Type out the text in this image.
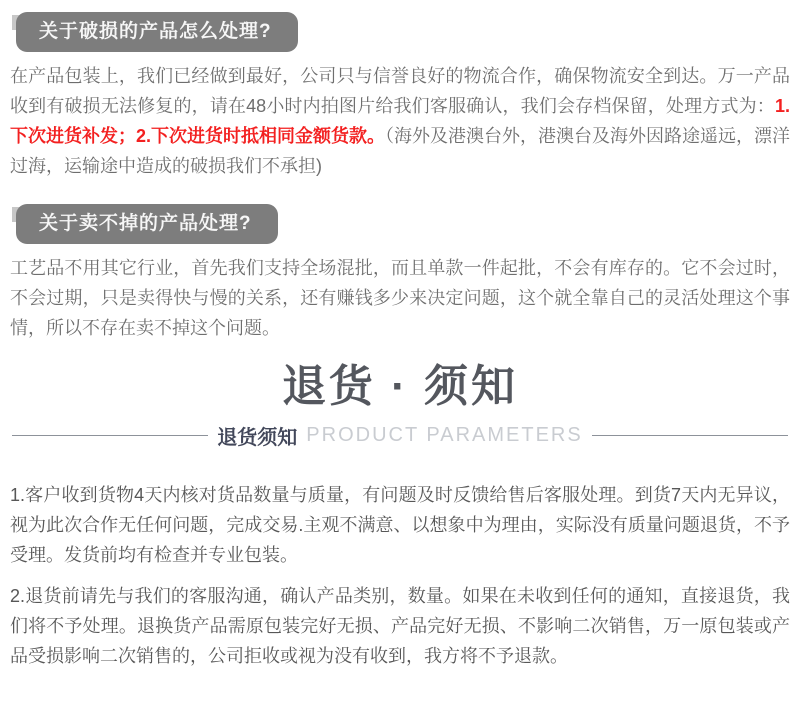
关于破损的产品怎么处理?

在产品包装上，我们已经做到最好，公司只与信誉良好的物流合作，确保物流安全到达。万一产品收到有破损无法修复的，请在48小时内拍图片给我们客服确认，我们会存档保留，处理方式为：1.下次进货补发；2.下次进货时抵相同金额货款。（海外及港澳台外，港澳台及海外因路途遥远，漂洋过海，运输途中造成的破损我们不承担)

关于卖不掉的产品处理?

工艺品不用其它行业，首先我们支持全场混批，而且单款一件起批，不会有库存的。它不会过时，不会过期，只是卖得快与慢的关系，还有赚钱多少来决定问题，这个就全靠自己的灵活处理这个事情，所以不存在卖不掉这个问题。

退货 · 须知
退货须知 PRODUCT PARAMETERS

1.客户收到货物4天内核对货品数量与质量，有问题及时反馈给售后客服处理。到货7天内无异议，视为此次合作无任何问题，完成交易.主观不满意、以想象中为理由，实际没有质量问题退货，不予受理。发货前均有检查并专业包装。

2.退货前请先与我们的客服沟通，确认产品类别，数量。如果在未收到任何的通知，直接退货，我们将不予处理。退换货产品需原包装完好无损、产品完好无损、不影响二次销售，万一原包装或产品受损影响二次销售的，公司拒收或视为没有收到，我方将不予退款。
